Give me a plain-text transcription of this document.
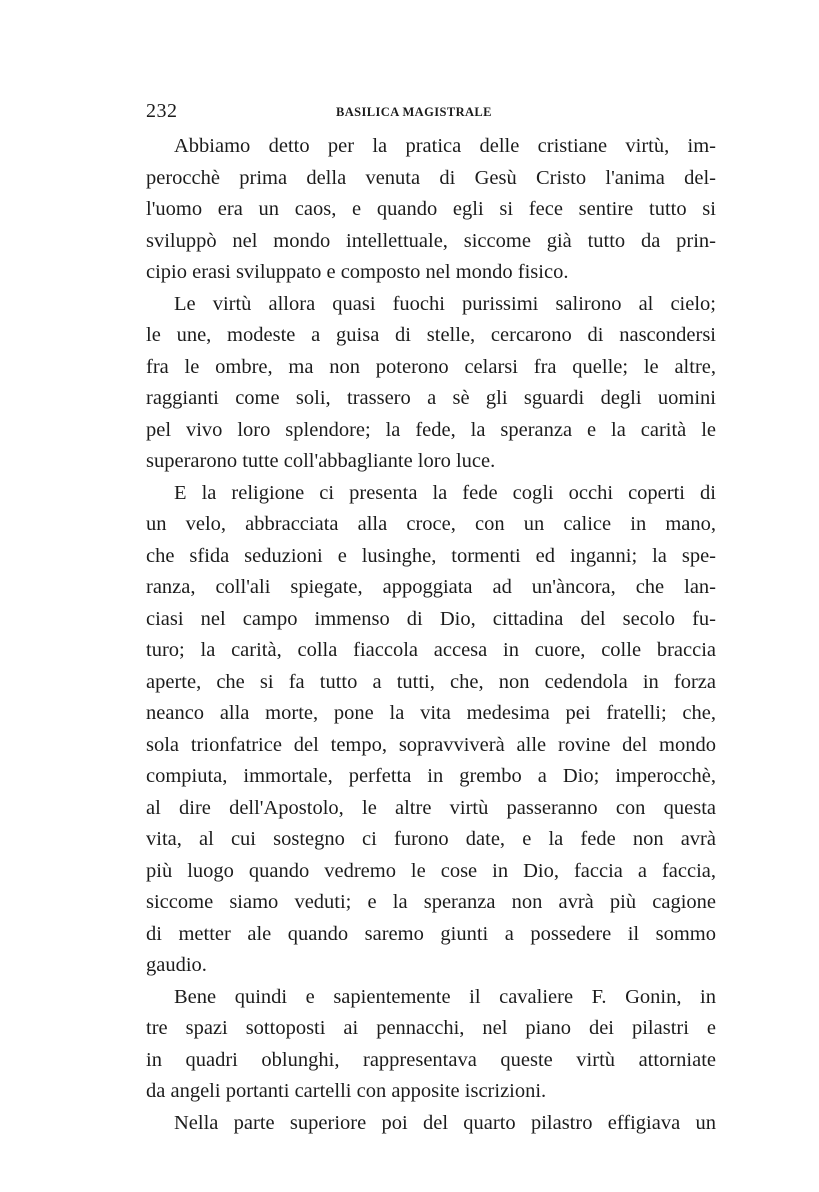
232	BASILICA MAGISTRALE
Abbiamo detto per la pratica delle cristiane virtù, im-
perocchè prima della venuta di Gesù Cristo l'anima del-
l'uomo era un caos, e quando egli si fece sentire tutto si
sviluppò nel mondo intellettuale, siccome già tutto da prin-
cipio erasi sviluppato e composto nel mondo fisico.
Le virtù allora quasi fuochi purissimi salirono al cielo;
le une, modeste a guisa di stelle, cercarono di nascondersi
fra le ombre, ma non poterono celarsi fra quelle; le altre,
raggianti come soli, trassero a sè gli sguardi degli uomini
pel vivo loro splendore; la fede, la speranza e la carità le
superarono tutte coll'abbagliante loro luce.
E la religione ci presenta la fede cogli occhi coperti di
un velo, abbracciata alla croce, con un calice in mano,
che sfida seduzioni e lusinghe, tormenti ed inganni; la spe-
ranza, coll'ali spiegate, appoggiata ad un'àncora, che lan-
ciasi nel campo immenso di Dio, cittadina del secolo fu-
turo; la carità, colla fiaccola accesa in cuore, colle braccia
aperte, che si fa tutto a tutti, che, non cedendola in forza
neanco alla morte, pone la vita medesima pei fratelli; che,
sola trionfatrice del tempo, sopravviverà alle rovine del mondo
compiuta, immortale, perfetta in grembo a Dio; imperocchè,
al dire dell'Apostolo, le altre virtù passeranno con questa
vita, al cui sostegno ci furono date, e la fede non avrà
più luogo quando vedremo le cose in Dio, faccia a faccia,
siccome siamo veduti; e la speranza non avrà più cagione
di metter ale quando saremo giunti a possedere il sommo
gaudio.
Bene quindi e sapientemente il cavaliere F. Gonin, in
tre spazi sottoposti ai pennacchi, nel piano dei pilastri e
in quadri oblunghi, rappresentava queste virtù attorniate
da angeli portanti cartelli con apposite iscrizioni.
Nella parte superiore poi del quarto pilastro effigiava un
